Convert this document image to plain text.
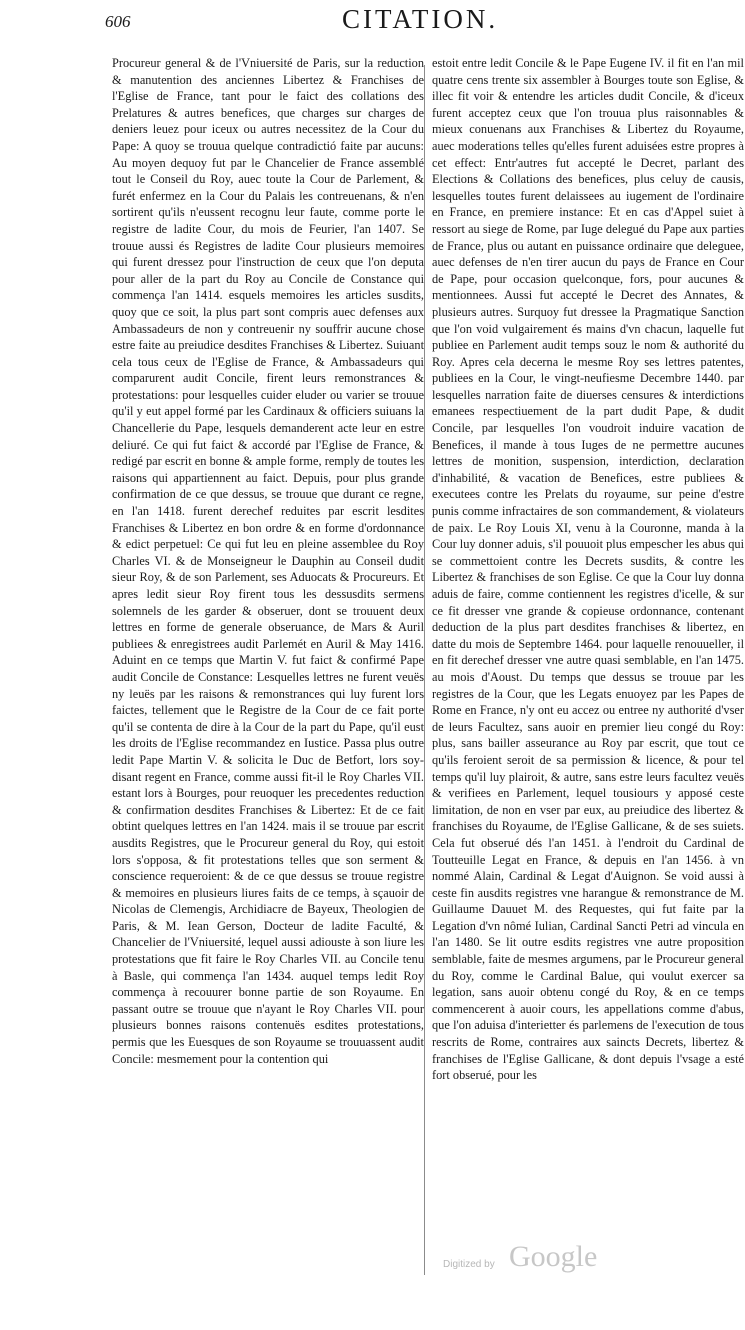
606	CITATION.

Procureur general & de l'Vniuersité de Paris, sur la reduction & manutention des anciennes Libertez & Franchises de l'Eglise de France, tant pour le faict des collations des Prelatures & autres benefices, que charges sur charges de deniers leuez pour iceux ou autres necessitez de la Cour du Pape: A quoy se trouua quelque contradictió faite par aucuns: Au moyen dequoy fut par le Chancelier de France assemblé tout le Conseil du Roy, auec toute la Cour de Parlement, & furét enfermez en la Cour du Palais les contreuenans, & n'en sortirent qu'ils n'eussent recognu leur faute, comme porte le registre de ladite Cour, du mois de Feurier, l'an 1407. Se trouue aussi és Registres de ladite Cour plusieurs memoires qui furent dressez pour l'instruction de ceux que l'on deputa pour aller de la part du Roy au Concile de Constance qui commença l'an 1414. esquels memoires les articles susdits, quoy que ce soit, la plus part sont compris auec defenses aux Ambassadeurs de non y contreuenir ny souffrir aucune chose estre faite au preiudice desdites Franchises & Libertez. Suiuant cela tous ceux de l'Eglise de France, & Ambassadeurs qui comparurent audit Concile, firent leurs remonstrances & protestations: pour lesquelles cuider eluder ou varier se trouue qu'il y eut appel formé par les Cardinaux & officiers suiuans la Chancellerie du Pape, lesquels demanderent acte leur en estre deliuré. Ce qui fut faict & accordé par l'Eglise de France, & redigé par escrit en bonne & ample forme, remply de toutes les raisons qui appartiennent au faict. Depuis, pour plus grande confirmation de ce que dessus, se trouue que durant ce regne, en l'an 1418. furent derechef reduites par escrit lesdites Franchises & Libertez en bon ordre & en forme d'ordonnance & edict perpetuel: Ce qui fut leu en pleine assemblee du Roy Charles VI. & de Monseigneur le Dauphin au Conseil dudit sieur Roy, & de son Parlement, ses Aduocats & Procureurs. Et apres ledit sieur Roy firent tous les dessusdits sermens solemnels de les garder & obseruer, dont se trouuent deux lettres en forme de generale obseruance, de Mars & Auril publiees & enregistrees audit Parlemét en Auril & May 1416. Aduint en ce temps que Martin V. fut faict & confirmé Pape audit Concile de Constance: Lesquelles lettres ne furent veuës ny leuës par les raisons & remonstrances qui luy furent lors faictes, tellement que le Registre de la Cour de ce fait porte qu'il se contenta de dire à la Cour de la part du Pape, qu'il eust les droits de l'Eglise recommandez en Iustice. Passa plus outre ledit Pape Martin V. & solicita le Duc de Betfort, lors soy-disant regent en France, comme aussi fit-il le Roy Charles VII. estant lors à Bourges, pour reuoquer les precedentes reduction & confirmation desdites Franchises & Libertez: Et de ce fait obtint quelques lettres en l'an 1424. mais il se trouue par escrit ausdits Registres, que le Procureur general du Roy, qui estoit lors s'opposa, & fit protestations telles que son serment & conscience requeroient: & de ce que dessus se trouue registre & memoires en plusieurs liures faits de ce temps, à sçauoir de Nicolas de Clemengis, Archidiacre de Bayeux, Theologien de Paris, & M. Iean Gerson, Docteur de ladite Faculté, & Chancelier de l'Vniuersité, lequel aussi adiouste à son liure les protestations que fit faire le Roy Charles VII. au Concile tenu à Basle, qui commença l'an 1434. auquel temps ledit Roy commença à recouurer bonne partie de son Royaume. En passant outre se trouue que n'ayant le Roy Charles VII. pour plusieurs bonnes raisons contenuës esdites protestations, permis que les Euesques de son Royaume se trouuassent audit Concile: mesmement pour la contention qui

estoit entre ledit Concile & le Pape Eugene IV. il fit en l'an mil quatre cens trente six assembler à Bourges toute son Eglise, & illec fit voir & entendre les articles dudit Concile, & d'iceux furent acceptez ceux que l'on trouua plus raisonnables & mieux conuenans aux Franchises & Libertez du Royaume, auec moderations telles qu'elles furent aduisées estre propres à cet effect: Entr'autres fut accepté le Decret, parlant des Elections & Collations des benefices, plus celuy de causis, lesquelles toutes furent delaissees au iugement de l'ordinaire en France, en premiere instance: Et en cas d'Appel suiet à ressort au siege de Rome, par Iuge delegué du Pape aux parties de France, plus ou autant en puissance ordinaire que deleguee, auec defenses de n'en tirer aucun du pays de France en Cour de Pape, pour occasion quelconque, fors, pour aucunes & mentionnees. Aussi fut accepté le Decret des Annates, & plusieurs autres. Surquoy fut dressee la Pragmatique Sanction que l'on void vulgairement és mains d'vn chacun, laquelle fut publiee en Parlement audit temps souz le nom & authorité du Roy. Apres cela decerna le mesme Roy ses lettres patentes, publiees en la Cour, le vingt-neufiesme Decembre 1440. par lesquelles narration faite de diuerses censures & interdictions emanees respectiuement de la part dudit Pape, & dudit Concile, par lesquelles l'on voudroit induire vacation de Benefices, il mande à tous Iuges de ne permettre aucunes lettres de monition, suspension, interdiction, declaration d'inhabilité, & vacation de Benefices, estre publiees & executees contre les Prelats du royaume, sur peine d'estre punis comme infractaires de son commandement, & violateurs de paix. Le Roy Louis XI, venu à la Couronne, manda à la Cour luy donner aduis, s'il pouuoit plus empescher les abus qui se commettoient contre les Decrets susdits, & contre les Libertez & franchises de son Eglise. Ce que la Cour luy donna aduis de faire, comme contiennent les registres d'icelle, & sur ce fit dresser vne grande & copieuse ordonnance, contenant deduction de la plus part desdites franchises & libertez, en datte du mois de Septembre 1464. pour laquelle renouueller, il en fit derechef dresser vne autre quasi semblable, en l'an 1475. au mois d'Aoust. Du temps que dessus se trouue par les registres de la Cour, que les Legats enuoyez par les Papes de Rome en France, n'y ont eu accez ou entree ny authorité d'vser de leurs Facultez, sans auoir en premier lieu congé du Roy: plus, sans bailler asseurance au Roy par escrit, que tout ce qu'ils feroient seroit de sa permission & licence, & pour tel temps qu'il luy plairoit, & autre, sans estre leurs facultez veuës & verifiees en Parlement, lequel tousiours y apposé ceste limitation, de non en vser par eux, au preiudice des libertez & franchises du Royaume, de l'Eglise Gallicane, & de ses suiets. Cela fut obserué dés l'an 1451. à l'endroit du Cardinal de Toutteuille Legat en France, & depuis en l'an 1456. à vn nommé Alain, Cardinal & Legat d'Auignon. Se void aussi à ceste fin ausdits registres vne harangue & remonstrance de M. Guillaume Dauuet M. des Requestes, qui fut faite par la Legation d'vn nômé Iulian, Cardinal Sancti Petri ad vincula en l'an 1480. Se lit outre esdits registres vne autre proposition semblable, faite de mesmes argumens, par le Procureur general du Roy, comme le Cardinal Balue, qui voulut exercer sa legation, sans auoir obtenu congé du Roy, & en ce temps commencerent à auoir cours, les appellations comme d'abus, que l'on aduisa d'interietter és parlemens de l'execution de tous rescrits de Rome, contraires aux saincts Decrets, libertez & franchises de l'Eglise Gallicane, & dont depuis l'vsage a esté fort obserué, pour les

Digitized by Google
